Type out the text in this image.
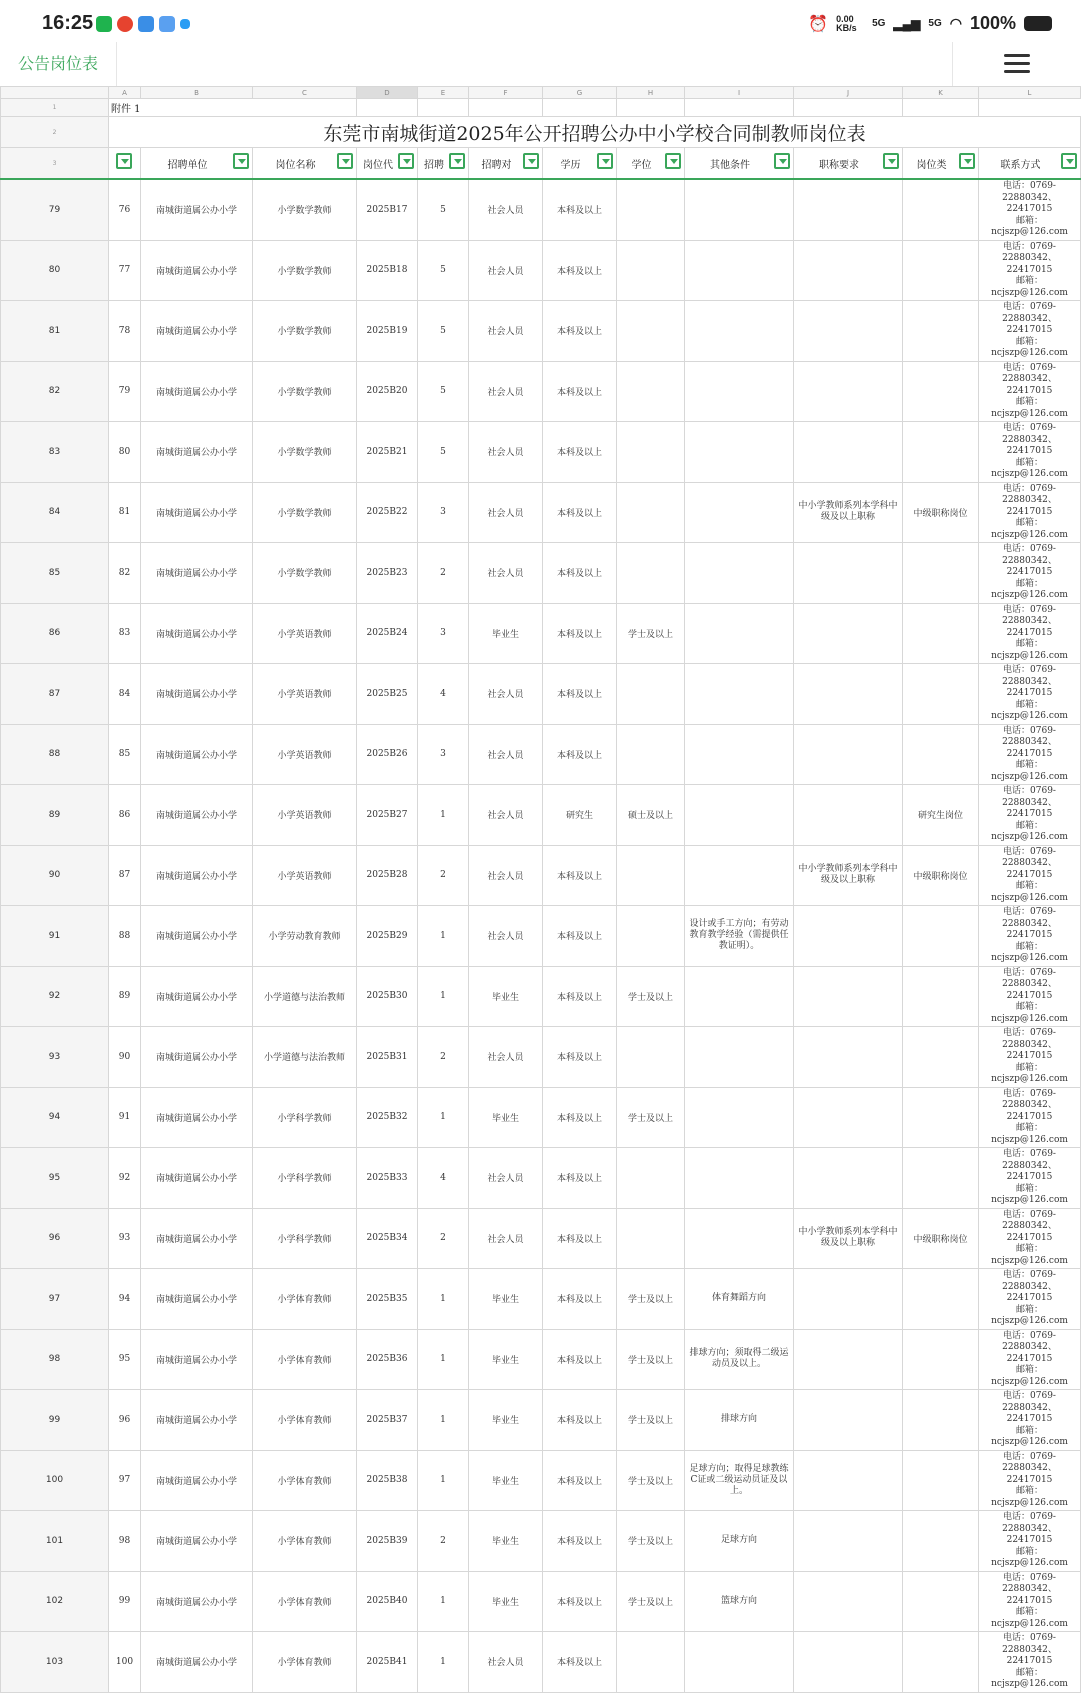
16:25	⏰ 0.00 KB/s	5G ▂▄▆ 5G ◠ 100%
公告岗位表
	A	B	C	D	E	F	G	H	I	J	K	L
1	附件 1											
2	东莞市南城街道2025年公开招聘公办中小学校合同制教师岗位表											
3		招聘单位	岗位名称	岗位代	招聘	招聘对	学历	学位	其他条件	职称要求	岗位类	联系方式

79	76	南城街道属公办小学	小学数学教师	2025B17	5	社会人员	本科及以上					电话：0769-
22880342、22417015
邮箱：ncjszp@126.com

80	77	南城街道属公办小学	小学数学教师	2025B18	5	社会人员	本科及以上					电话：0769-
22880342、22417015
邮箱：ncjszp@126.com

81	78	南城街道属公办小学	小学数学教师	2025B19	5	社会人员	本科及以上					电话：0769-
22880342、22417015
邮箱：ncjszp@126.com

82	79	南城街道属公办小学	小学数学教师	2025B20	5	社会人员	本科及以上					电话：0769-
22880342、22417015
邮箱：ncjszp@126.com

83	80	南城街道属公办小学	小学数学教师	2025B21	5	社会人员	本科及以上					电话：0769-
22880342、22417015
邮箱：ncjszp@126.com

84	81	南城街道属公办小学	小学数学教师	2025B22	3	社会人员	本科及以上			中小学教师系列本学科中级及以上职称	中级职称岗位	电话：0769-
22880342、22417015
邮箱：ncjszp@126.com

85	82	南城街道属公办小学	小学数学教师	2025B23	2	社会人员	本科及以上					电话：0769-
22880342、22417015
邮箱：ncjszp@126.com

86	83	南城街道属公办小学	小学英语教师	2025B24	3	毕业生	本科及以上	学士及以上				电话：0769-
22880342、22417015
邮箱：ncjszp@126.com

87	84	南城街道属公办小学	小学英语教师	2025B25	4	社会人员	本科及以上					电话：0769-
22880342、22417015
邮箱：ncjszp@126.com

88	85	南城街道属公办小学	小学英语教师	2025B26	3	社会人员	本科及以上					电话：0769-
22880342、22417015
邮箱：ncjszp@126.com

89	86	南城街道属公办小学	小学英语教师	2025B27	1	社会人员	研究生	硕士及以上			研究生岗位	电话：0769-
22880342、22417015
邮箱：ncjszp@126.com

90	87	南城街道属公办小学	小学英语教师	2025B28	2	社会人员	本科及以上			中小学教师系列本学科中级及以上职称	中级职称岗位	电话：0769-
22880342、22417015
邮箱：ncjszp@126.com

91	88	南城街道属公办小学	小学劳动教育教师	2025B29	1	社会人员	本科及以上		设计或手工方向；有劳动教育教学经验（需提供任教证明）。			电话：0769-
22880342、22417015
邮箱：ncjszp@126.com

92	89	南城街道属公办小学	小学道德与法治教师	2025B30	1	毕业生	本科及以上	学士及以上				电话：0769-
22880342、22417015
邮箱：ncjszp@126.com

93	90	南城街道属公办小学	小学道德与法治教师	2025B31	2	社会人员	本科及以上					电话：0769-
22880342、22417015
邮箱：ncjszp@126.com

94	91	南城街道属公办小学	小学科学教师	2025B32	1	毕业生	本科及以上	学士及以上				电话：0769-
22880342、22417015
邮箱：ncjszp@126.com

95	92	南城街道属公办小学	小学科学教师	2025B33	4	社会人员	本科及以上					电话：0769-
22880342、22417015
邮箱：ncjszp@126.com

96	93	南城街道属公办小学	小学科学教师	2025B34	2	社会人员	本科及以上			中小学教师系列本学科中级及以上职称	中级职称岗位	电话：0769-
22880342、22417015
邮箱：ncjszp@126.com

97	94	南城街道属公办小学	小学体育教师	2025B35	1	毕业生	本科及以上	学士及以上	体育舞蹈方向			电话：0769-
22880342、22417015
邮箱：ncjszp@126.com

98	95	南城街道属公办小学	小学体育教师	2025B36	1	毕业生	本科及以上	学士及以上	排球方向；须取得二级运动员及以上。			电话：0769-
22880342、22417015
邮箱：ncjszp@126.com

99	96	南城街道属公办小学	小学体育教师	2025B37	1	毕业生	本科及以上	学士及以上	排球方向			电话：0769-
22880342、22417015
邮箱：ncjszp@126.com

100	97	南城街道属公办小学	小学体育教师	2025B38	1	毕业生	本科及以上	学士及以上	足球方向；取得足球教练C证或二级运动员证及以上。			电话：0769-
22880342、22417015
邮箱：ncjszp@126.com

101	98	南城街道属公办小学	小学体育教师	2025B39	2	毕业生	本科及以上	学士及以上	足球方向			电话：0769-
22880342、22417015
邮箱：ncjszp@126.com

102	99	南城街道属公办小学	小学体育教师	2025B40	1	毕业生	本科及以上	学士及以上	篮球方向			电话：0769-
22880342、22417015
邮箱：ncjszp@126.com

103	100	南城街道属公办小学	小学体育教师	2025B41	1	社会人员	本科及以上					电话：0769-
22880342、22417015
邮箱：ncjszp@126.com
